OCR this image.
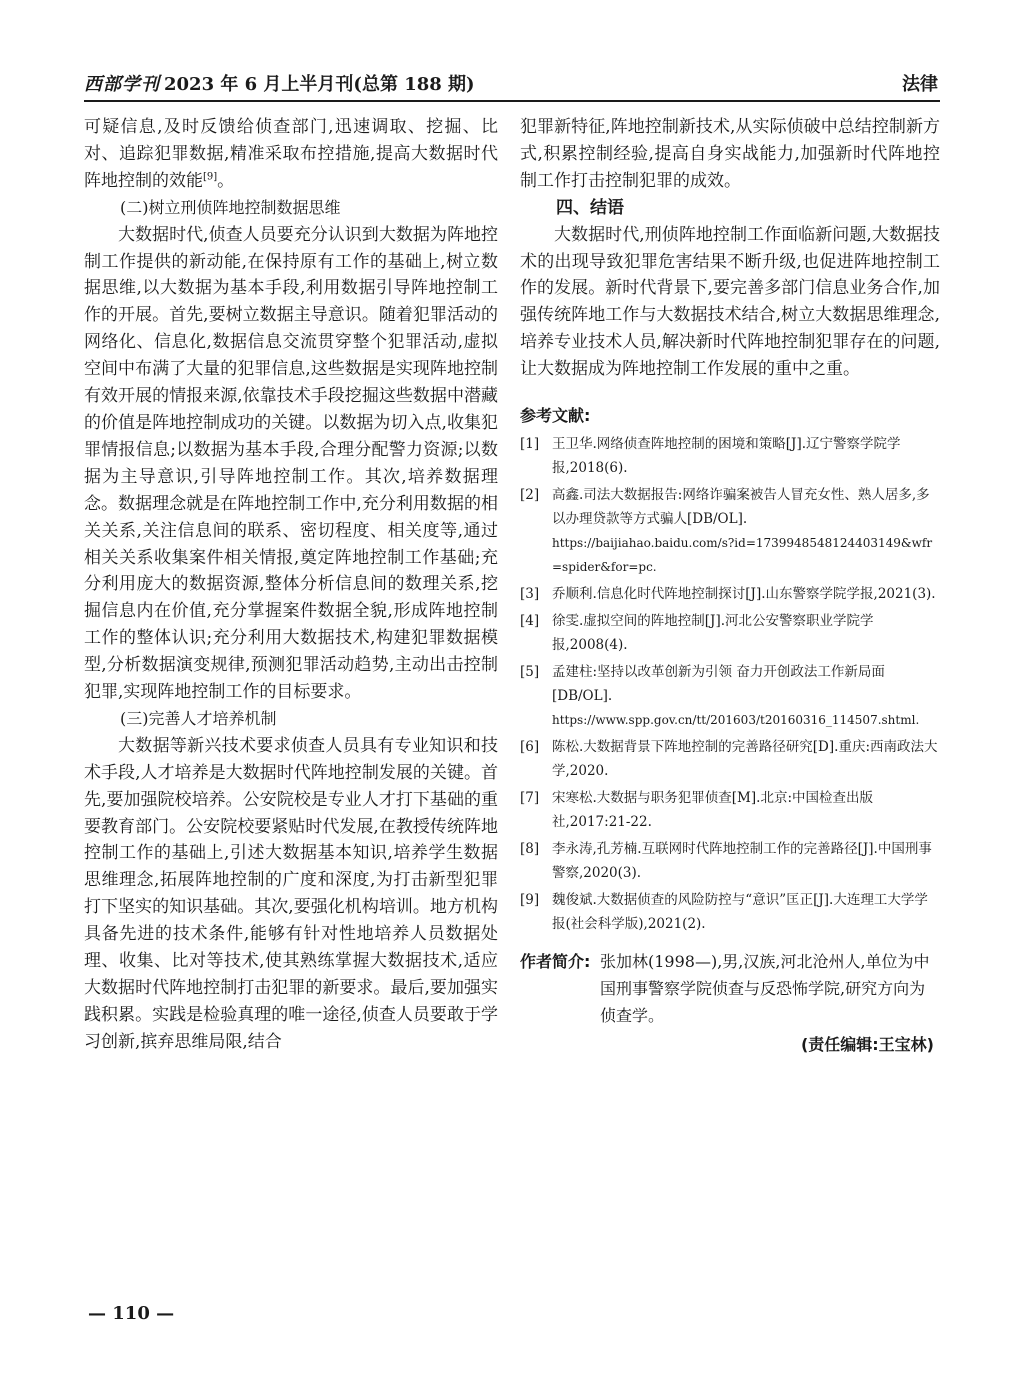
西部学刊 2023 年 6 月上半月刊(总第 188 期)	法律

可疑信息,及时反馈给侦查部门,迅速调取、挖掘、比对、追踪犯罪数据,精准采取布控措施,提高大数据时代阵地控制的效能[9]。

(二)树立刑侦阵地控制数据思维

大数据时代,侦查人员要充分认识到大数据为阵地控制工作提供的新动能,在保持原有工作的基础上,树立数据思维,以大数据为基本手段,利用数据引导阵地控制工作的开展。首先,要树立数据主导意识。随着犯罪活动的网络化、信息化,数据信息交流贯穿整个犯罪活动,虚拟空间中布满了大量的犯罪信息,这些数据是实现阵地控制有效开展的情报来源,依靠技术手段挖掘这些数据中潜藏的价值是阵地控制成功的关键。以数据为切入点,收集犯罪情报信息;以数据为基本手段,合理分配警力资源;以数据为主导意识,引导阵地控制工作。其次,培养数据理念。数据理念就是在阵地控制工作中,充分利用数据的相关关系,关注信息间的联系、密切程度、相关度等,通过相关关系收集案件相关情报,奠定阵地控制工作基础;充分利用庞大的数据资源,整体分析信息间的数理关系,挖掘信息内在价值,充分掌握案件数据全貌,形成阵地控制工作的整体认识;充分利用大数据技术,构建犯罪数据模型,分析数据演变规律,预测犯罪活动趋势,主动出击控制犯罪,实现阵地控制工作的目标要求。

(三)完善人才培养机制

大数据等新兴技术要求侦查人员具有专业知识和技术手段,人才培养是大数据时代阵地控制发展的关键。首先,要加强院校培养。公安院校是专业人才打下基础的重要教育部门。公安院校要紧贴时代发展,在教授传统阵地控制工作的基础上,引述大数据基本知识,培养学生数据思维理念,拓展阵地控制的广度和深度,为打击新型犯罪打下坚实的知识基础。其次,要强化机构培训。地方机构具备先进的技术条件,能够有针对性地培养人员数据处理、收集、比对等技术,使其熟练掌握大数据技术,适应大数据时代阵地控制打击犯罪的新要求。最后,要加强实践积累。实践是检验真理的唯一途径,侦查人员要敢于学习创新,摈弃思维局限,结合

犯罪新特征,阵地控制新技术,从实际侦破中总结控制新方式,积累控制经验,提高自身实战能力,加强新时代阵地控制工作打击控制犯罪的成效。

四、结语

大数据时代,刑侦阵地控制工作面临新问题,大数据技术的出现导致犯罪危害结果不断升级,也促进阵地控制工作的发展。新时代背景下,要完善多部门信息业务合作,加强传统阵地工作与大数据技术结合,树立大数据思维理念,培养专业技术人员,解决新时代阵地控制犯罪存在的问题,让大数据成为阵地控制工作发展的重中之重。

参考文献:
[1] 王卫华.网络侦查阵地控制的困境和策略[J].辽宁警察学院学报,2018(6).
[2] 高鑫.司法大数据报告:网络诈骗案被告人冒充女性、熟人居多,多以办理贷款等方式骗人[DB/OL].
https://baijiahao.baidu.com/s?id=1739948548124403149&wfr=spider&for=pc.
[3] 乔顺利.信息化时代阵地控制探讨[J].山东警察学院学报,2021(3).
[4] 徐雯.虚拟空间的阵地控制[J].河北公安警察职业学院学报,2008(4).
[5] 孟建柱:坚持以改革创新为引领 奋力开创政法工作新局面[DB/OL].
https://www.spp.gov.cn/tt/201603/t20160316_114507.shtml.
[6] 陈松.大数据背景下阵地控制的完善路径研究[D].重庆:西南政法大学,2020.
[7] 宋寒松.大数据与职务犯罪侦查[M].北京:中国检查出版社,2017:21-22.
[8] 李永涛,孔芳楠.互联网时代阵地控制工作的完善路径[J].中国刑事警察,2020(3).
[9] 魏俊斌.大数据侦查的风险防控与“意识”匡正[J].大连理工大学学报(社会科学版),2021(2).
作者简介: 张加林(1998—),男,汉族,河北沧州人,单位为中国刑事警察学院侦查与反恐怖学院,研究方向为侦查学。
(责任编辑:王宝林)
— 110 —
